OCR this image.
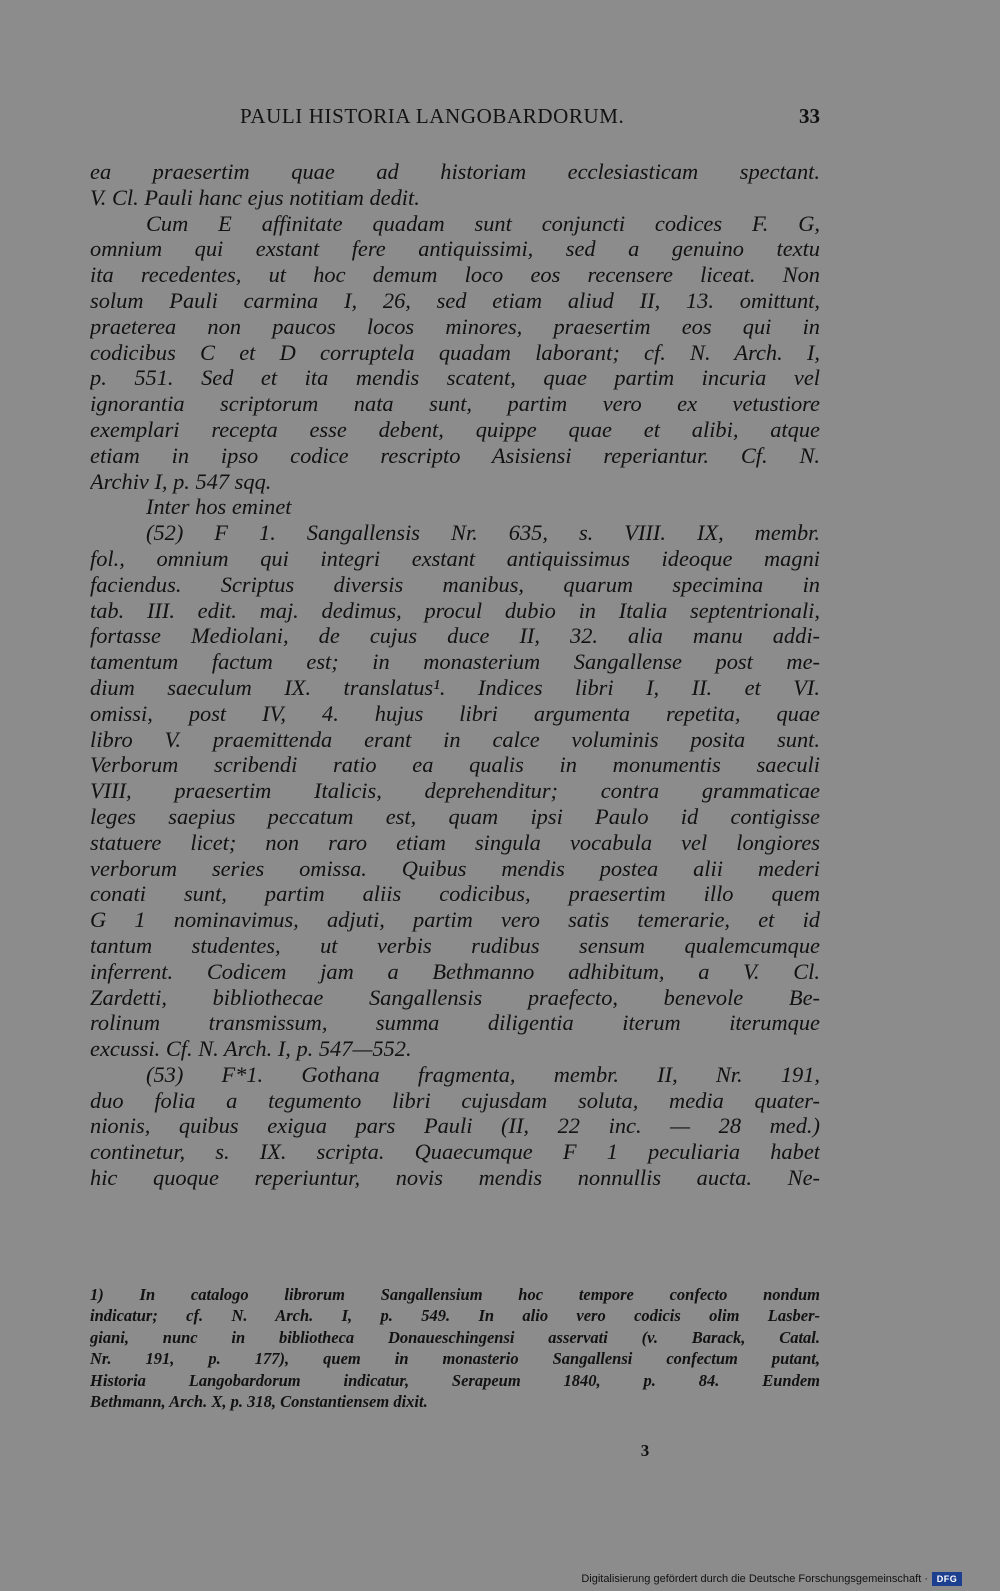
PAULI HISTORIA LANGOBARDORUM.	33
ea praesertim quae ad historiam ecclesiasticam spectant.
V. Cl. Pauli hanc ejus notitiam dedit.
Cum E affinitate quadam sunt conjuncti codices F. G,
omnium qui exstant fere antiquissimi, sed a genuino textu
ita recedentes, ut hoc demum loco eos recensere liceat. Non
solum Pauli carmina I, 26, sed etiam aliud II, 13. omittunt,
praeterea non paucos locos minores, praesertim eos qui in
codicibus C et D corruptela quadam laborant; cf. N. Arch. I,
p. 551. Sed et ita mendis scatent, quae partim incuria vel
ignorantia scriptorum nata sunt, partim vero ex vetustiore
exemplari recepta esse debent, quippe quae et alibi, atque
etiam in ipso codice rescripto Asisiensi reperiantur. Cf. N.
Archiv I, p. 547 sqq.
Inter hos eminet
(52) F 1. Sangallensis Nr. 635, s. VIII. IX, membr.
fol., omnium qui integri exstant antiquissimus ideoque magni
faciendus. Scriptus diversis manibus, quarum specimina in
tab. III. edit. maj. dedimus, procul dubio in Italia septentrionali,
fortasse Mediolani, de cujus duce II, 32. alia manu addi-
tamentum factum est; in monasterium Sangallense post me-
dium saeculum IX. translatus¹. Indices libri I, II. et VI.
omissi, post IV, 4. hujus libri argumenta repetita, quae
libro V. praemittenda erant in calce voluminis posita sunt.
Verborum scribendi ratio ea qualis in monumentis saeculi
VIII, praesertim Italicis, deprehenditur; contra grammaticae
leges saepius peccatum est, quam ipsi Paulo id contigisse
statuere licet; non raro etiam singula vocabula vel longiores
verborum series omissa. Quibus mendis postea alii mederi
conati sunt, partim aliis codicibus, praesertim illo quem
G 1 nominavimus, adjuti, partim vero satis temerarie, et id
tantum studentes, ut verbis rudibus sensum qualemcumque
inferrent. Codicem jam a Bethmanno adhibitum, a V. Cl.
Zardetti, bibliothecae Sangallensis praefecto, benevole Be-
rolinum transmissum, summa diligentia iterum iterumque
excussi. Cf. N. Arch. I, p. 547—552.
(53) F*1. Gothana fragmenta, membr. II, Nr. 191,
duo folia a tegumento libri cujusdam soluta, media quater-
nionis, quibus exigua pars Pauli (II, 22 inc. — 28 med.)
continetur, s. IX. scripta. Quaecumque F 1 peculiaria habet
hic quoque reperiuntur, novis mendis nonnullis aucta. Ne-
1) In catalogo librorum Sangallensium hoc tempore confecto nondum
indicatur; cf. N. Arch. I, p. 549. In alio vero codicis olim Lasber-
giani, nunc in bibliotheca Donaueschingensi asservati (v. Barack, Catal.
Nr. 191, p. 177), quem in monasterio Sangallensi confectum putant,
Historia Langobardorum indicatur, Serapeum 1840, p. 84. Eundem
Bethmann, Arch. X, p. 318, Constantiensem dixit.
3
Digitalisierung gefördert durch die Deutsche Forschungsgemeinschaft · DFG
